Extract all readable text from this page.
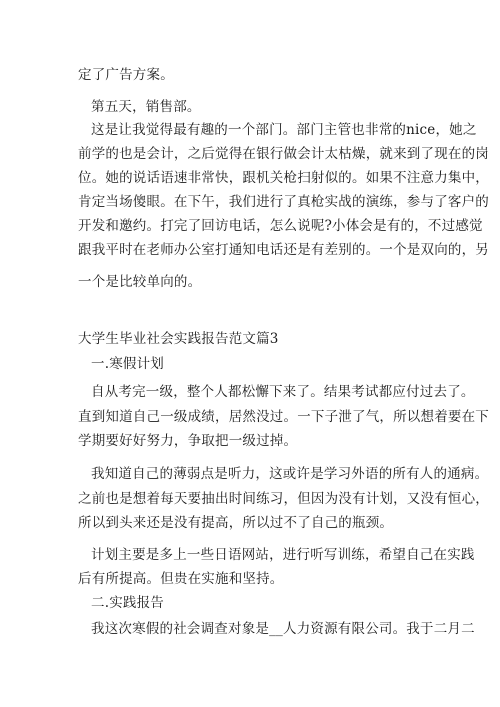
定了广告方案。
第五天，销售部。
这是让我觉得最有趣的一个部门。部门主管也非常的nice，她之
前学的也是会计，之后觉得在银行做会计太枯燥，就来到了现在的岗
位。她的说话语速非常快，跟机关枪扫射似的。如果不注意力集中，
肯定当场傻眼。在下午，我们进行了真枪实战的演练，参与了客户的
开发和邀约。打完了回访电话，怎么说呢?小体会是有的，不过感觉
跟我平时在老师办公室打通知电话还是有差别的。一个是双向的，另
一个是比较单向的。
大学生毕业社会实践报告范文篇3
一.寒假计划
自从考完一级，整个人都松懈下来了。结果考试都应付过去了。
直到知道自己一级成绩，居然没过。一下子泄了气，所以想着要在下
学期要好好努力，争取把一级过掉。
我知道自己的薄弱点是听力，这或许是学习外语的所有人的通病。
之前也是想着每天要抽出时间练习，但因为没有计划，又没有恒心，
所以到头来还是没有提高，所以过不了自己的瓶颈。
计划主要是多上一些日语网站，进行听写训练，希望自己在实践
后有所提高。但贵在实施和坚持。
二.实践报告
我这次寒假的社会调查对象是__人力资源有限公司。我于二月二
